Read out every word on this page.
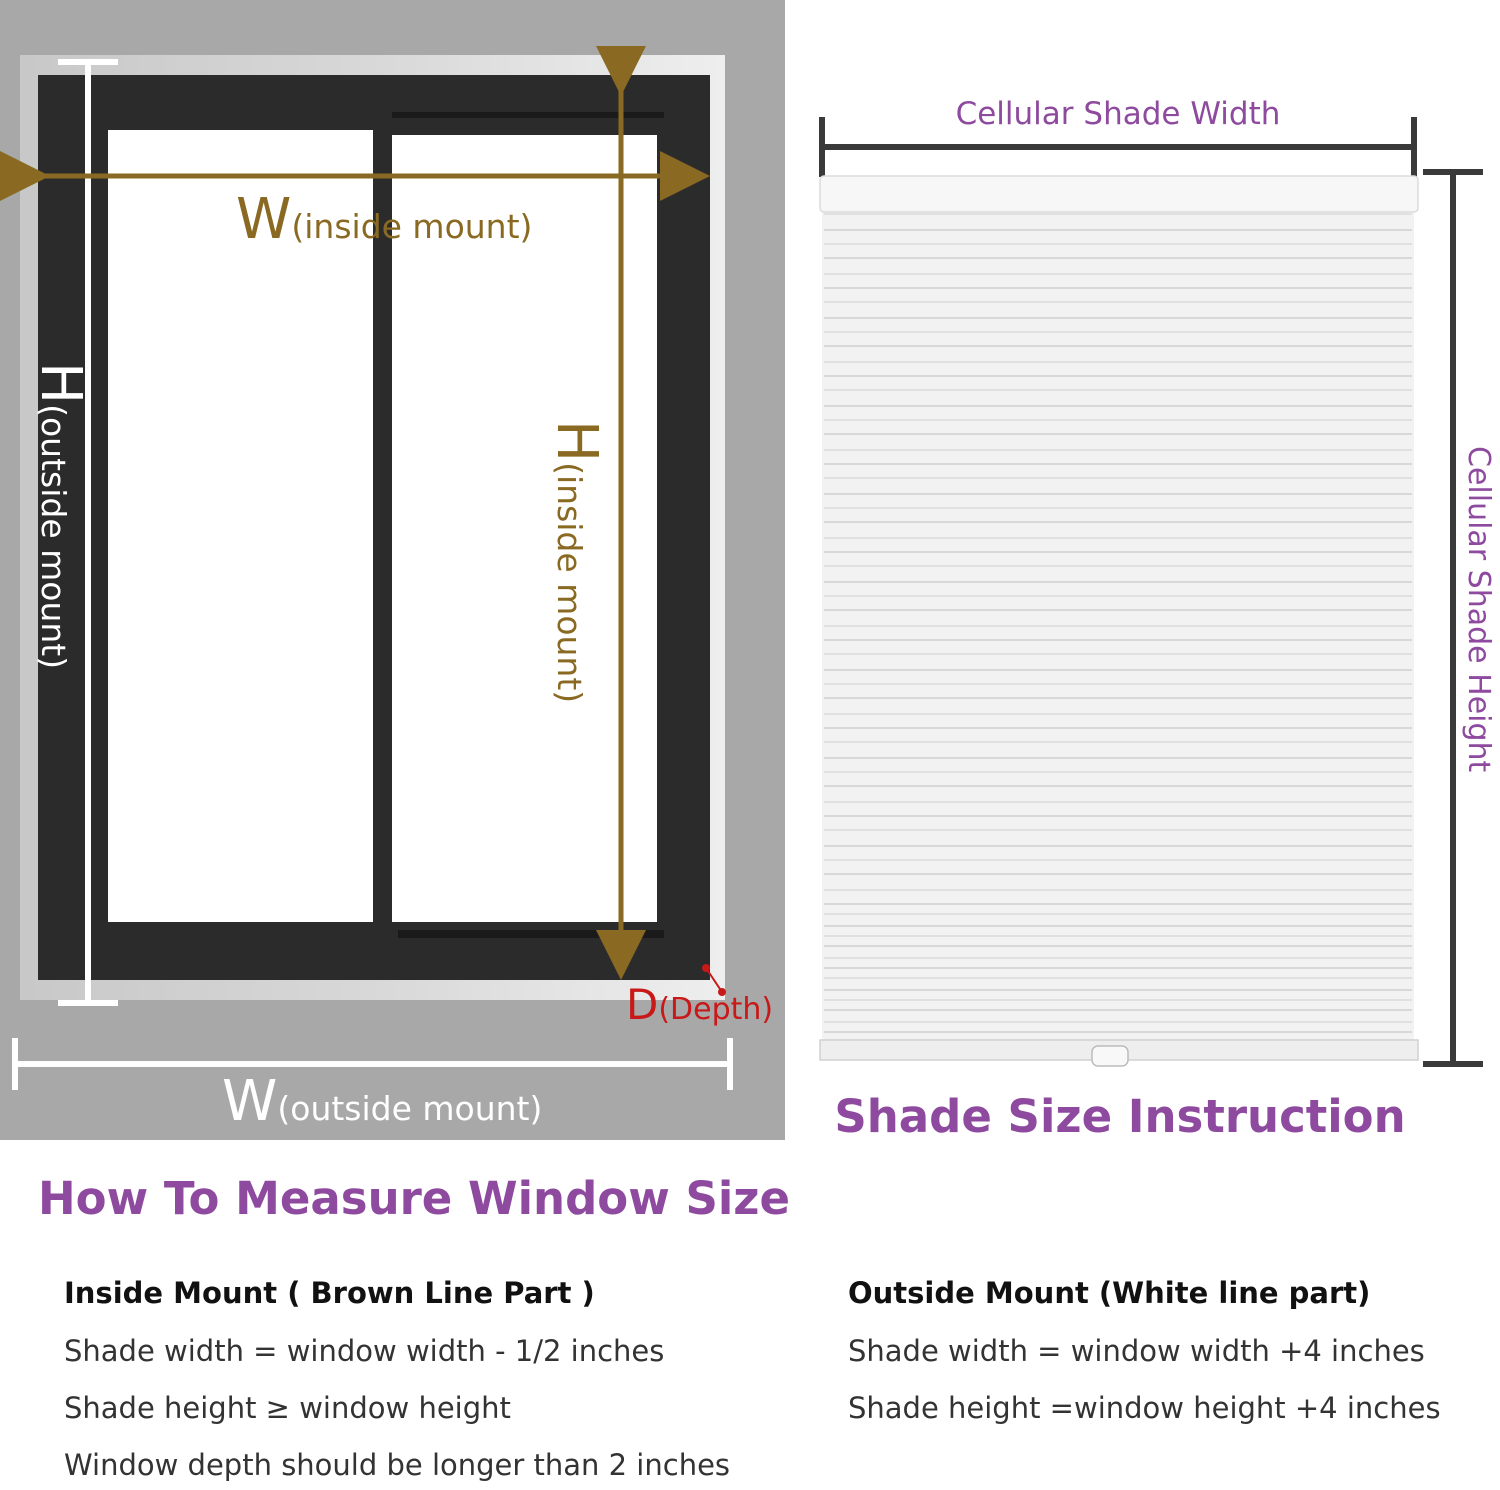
W(inside mount)
H(outside mount)	H(inside mount)
D(Depth)
W(outside mount)
Cellular Shade Width
Cellular Shade Height
Shade Size Instruction
How To Measure Window Size
Inside Mount ( Brown Line Part )
Shade width = window width - 1/2 inches
Shade height ≥ window height
Window depth should be longer than 2 inches
Outside Mount (White line part)
Shade width = window width +4 inches
Shade height =window height +4 inches
